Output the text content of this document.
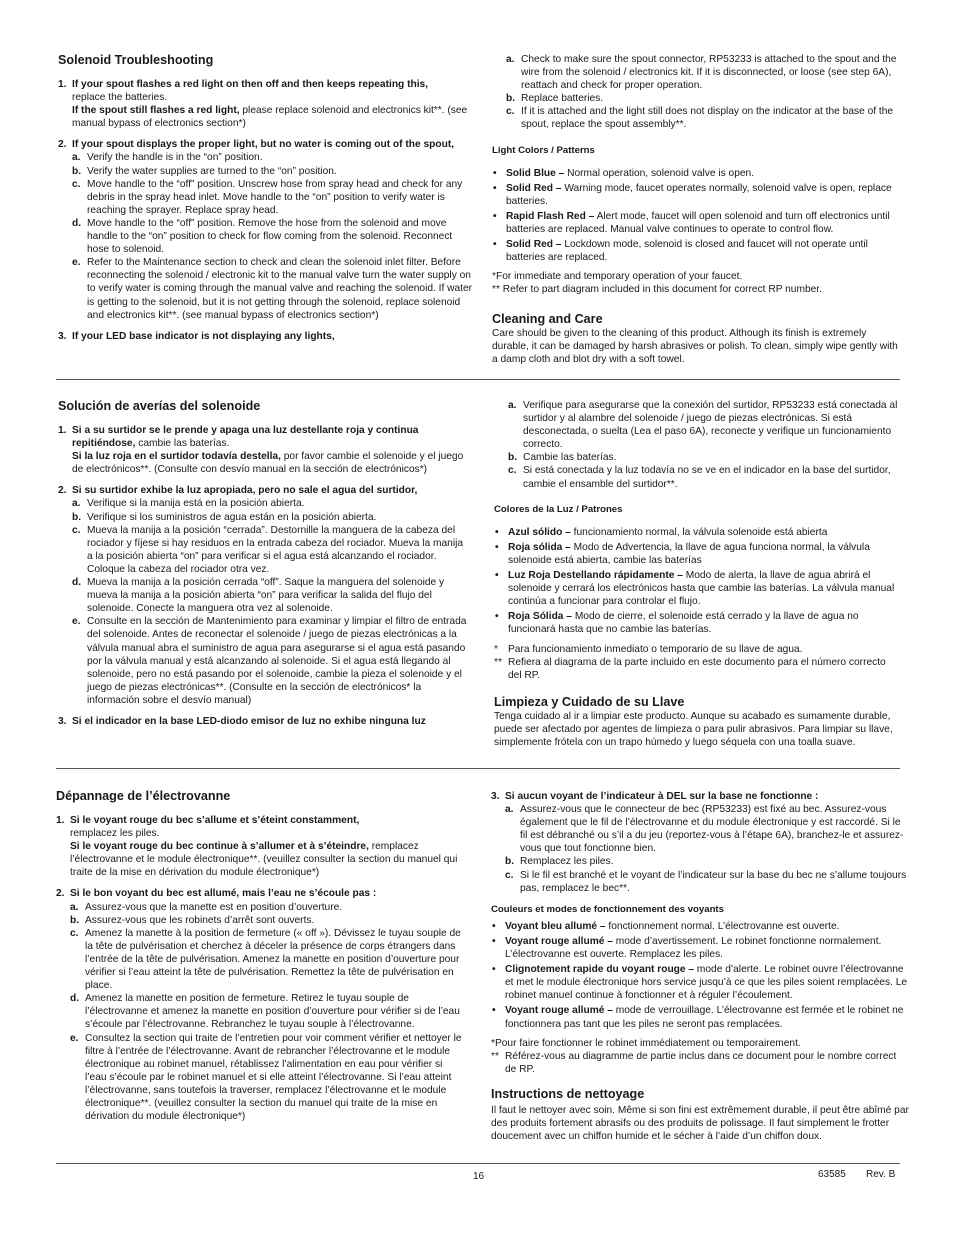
Solenoid Troubleshooting
1. If your spout flashes a red light on then off and then keeps repeating this,
replace the batteries.
If the spout still flashes a red light, please replace solenoid and electronics kit**. (see manual bypass of electronics section*)
2. If your spout displays the proper light, but no water is coming out of the spout,
a. Verify the handle is in the “on” position.
b. Verify the water supplies are turned to the “on” position.
c. Move handle to the “off” position. Unscrew hose from spray head and check for any debris in the spray head inlet. Move handle to the “on” position to verify water is reaching the sprayer. Replace spray head.
d. Move handle to the “off” position. Remove the hose from the solenoid and move handle to the “on” position to check for flow coming from the solenoid. Reconnect hose to solenoid.
e. Refer to the Maintenance section to check and clean the solenoid inlet filter. Before reconnecting the solenoid / electronic kit to the manual valve turn the water supply on to verify water is coming through the manual valve and reaching the solenoid. If water is getting to the solenoid, but it is not getting through the solenoid, replace solenoid and electronics kit**. (see manual bypass of electronics section*)
3. If your LED base indicator is not displaying any lights,
a. Check to make sure the spout connector, RP53233 is attached to the spout and the wire from the solenoid / electronics kit. If it is disconnected, or loose (see step 6A), reattach and check for proper operation.
b. Replace batteries.
c. If it is attached and the light still does not display on the indicator at the base of the spout, replace the spout assembly**.
Light Colors / Patterns
• Solid Blue – Normal operation, solenoid valve is open.
• Solid Red – Warning mode, faucet operates normally, solenoid valve is open, replace batteries.
• Rapid Flash Red – Alert mode, faucet will open solenoid and turn off electronics until batteries are replaced. Manual valve continues to operate to control flow.
• Solid Red – Lockdown mode, solenoid is closed and faucet will not operate until batteries are replaced.
*For immediate and temporary operation of your faucet.
** Refer to part diagram included in this document for correct RP number.
Cleaning and Care
Care should be given to the cleaning of this product. Although its finish is extremely durable, it can be damaged by harsh abrasives or polish. To clean, simply wipe gently with a damp cloth and blot dry with a soft towel.
Solución de averías del solenoide
1. Si a su surtidor se le prende y apaga una luz destellante roja y continua repitiéndose, cambie las baterías.
Si la luz roja en el surtidor todavía destella, por favor cambie el solenoide y el juego de electrónicos**. (Consulte con desvío manual en la sección de electrónicos*)
2. Si su surtidor exhibe la luz apropiada, pero no sale el agua del surtidor,
a. Verifique si la manija está en la posición abierta.
b. Verifique si los suministros de agua están en la posición abierta.
c. Mueva la manija a la posición “cerrada”. Destornille la manguera de la cabeza del rociador y fíjese si hay residuos en la entrada cabeza del rociador. Mueva la manija a la posición abierta “on” para verificar si el agua está alcanzando el rociador. Coloque la cabeza del rociador otra vez.
d. Mueva la manija a la posición cerrada “off”. Saque la manguera del solenoide y mueva la manija a la posición abierta “on” para verificar la salida del flujo del solenoide. Conecte la manguera otra vez al solenoide.
e. Consulte en la sección de Mantenimiento para examinar y limpiar el filtro de entrada del solenoide. Antes de reconectar el solenoide / juego de piezas electrónicas a la válvula manual abra el suministro de agua para asegurarse si el agua está pasando por la válvula manual y está alcanzando al solenoide. Si el agua está llegando al solenoide, pero no está pasando por el solenoide, cambie la pieza el solenoide y el juego de piezas electrónicas**. (Consulte en la sección de electrónicos* la información sobre el desvío manual)
3. Si el indicador en la base LED-diodo emisor de luz no exhibe ninguna luz
a. Verifique para asegurarse que la conexión del surtidor, RP53233 está conectada al surtidor y al alambre del solenoide / juego de piezas electrónicas. Si está desconectada, o suelta (Lea el paso 6A), reconecte y verifique un funcionamiento correcto.
b. Cambie las baterías.
c. Si está conectada y la luz todavía no se ve en el indicador en la base del surtidor, cambie el ensamble del surtidor**.
Colores de la Luz / Patrones
• Azul sólido – funcionamiento normal, la válvula solenoide está abierta
• Roja sólida – Modo de Advertencia, la llave de agua funciona normal, la válvula solenoide está abierta, cambie las baterías
• Luz Roja Destellando rápidamente – Modo de alerta, la llave de agua abrirá el solenoide y cerrará los electrónicos hasta que cambie las baterías. La válvula manual continúa a funcionar para controlar el flujo.
• Roja Sólida – Modo de cierre, el solenoide está cerrado y la llave de agua no funcionará hasta que no cambie las baterías.
* Para funcionamiento inmediato o temporario de su llave de agua.
** Refiera al diagrama de la parte incluido en este documento para el número correcto del RP.
Limpieza y Cuidado de su Llave
Tenga cuidado al ir a limpiar este producto. Aunque su acabado es sumamente durable, puede ser afectado por agentes de limpieza o para pulir abrasivos. Para limpiar su llave, simplemente frótela con un trapo húmedo y luego séquela con una toalla suave.
Dépannage de l’électrovanne
1. Si le voyant rouge du bec s’allume et s’éteint constamment,
remplacez les piles.
Si le voyant rouge du bec continue à s’allumer et à s’éteindre, remplacez l’électrovanne et le module électronique**. (veuillez consulter la section du manuel qui traite de la mise en dérivation du module électronique*)
2. Si le bon voyant du bec est allumé, mais l’eau ne s’écoule pas :
a. Assurez-vous que la manette est en position d’ouverture.
b. Assurez-vous que les robinets d’arrêt sont ouverts.
c. Amenez la manette à la position de fermeture (« off »). Dévissez le tuyau souple de la tête de pulvérisation et cherchez à déceler la présence de corps étrangers dans l’entrée de la tête de pulvérisation. Amenez la manette en position d’ouverture pour vérifier si l’eau atteint la tête de pulvérisation. Remettez la tête de pulvérisation en place.
d. Amenez la manette en position de fermeture. Retirez le tuyau souple de l’électrovanne et amenez la manette en position d’ouverture pour vérifier si de l’eau s’écoule par l’électrovanne. Rebranchez le tuyau souple à l’électrovanne.
e. Consultez la section qui traite de l’entretien pour voir comment vérifier et nettoyer le filtre à l’entrée de l’électrovanne. Avant de rebrancher l’électrovanne et le module électronique au robinet manuel, rétablissez l’alimentation en eau pour vérifier si l’eau s’écoule par le robinet manuel et si elle atteint l’électrovanne. Si l’eau atteint l’électrovanne, sans toutefois la traverser, remplacez l’électrovanne et le module électronique**. (veuillez consulter la section du manuel qui traite de la mise en dérivation du module électronique*)
3. Si aucun voyant de l’indicateur à DEL sur la base ne fonctionne :
a. Assurez-vous que le connecteur de bec (RP53233) est fixé au bec. Assurez-vous également que le fil de l’électrovanne et du module électronique y est raccordé. Si le fil est débranché ou s’il a du jeu (reportez-vous à l’étape 6A), branchez-le et assurez-vous que tout fonctionne bien.
b. Remplacez les piles.
c. Si le fil est branché et le voyant de l’indicateur sur la base du bec ne s’allume toujours pas, remplacez le bec**.
Couleurs et modes de fonctionnement des voyants
• Voyant bleu allumé – fonctionnement normal. L’électrovanne est ouverte.
• Voyant rouge allumé – mode d’avertissement. Le robinet fonctionne normalement. L’électrovanne est ouverte. Remplacez les piles.
• Clignotement rapide du voyant rouge – mode d’alerte. Le robinet ouvre l’électrovanne et met le module électronique hors service jusqu’à ce que les piles soient remplacées. Le robinet manuel continue à fonctionner et à réguler l’écoulement.
• Voyant rouge allumé – mode de verrouillage. L’électrovanne est fermée et le robinet ne fonctionnera pas tant que les piles ne seront pas remplacées.
*Pour faire fonctionner le robinet immédiatement ou temporairement.
** Référez-vous au diagramme de partie inclus dans ce document pour le nombre correct de RP.
Instructions de nettoyage
Il faut le nettoyer avec soin. Même si son fini est extrêmement durable, il peut être abîmé par des produits fortement abrasifs ou des produits de polissage. Il faut simplement le frotter doucement avec un chiffon humide et le sécher à l’aide d’un chiffon doux.
16	63585 Rev. B
